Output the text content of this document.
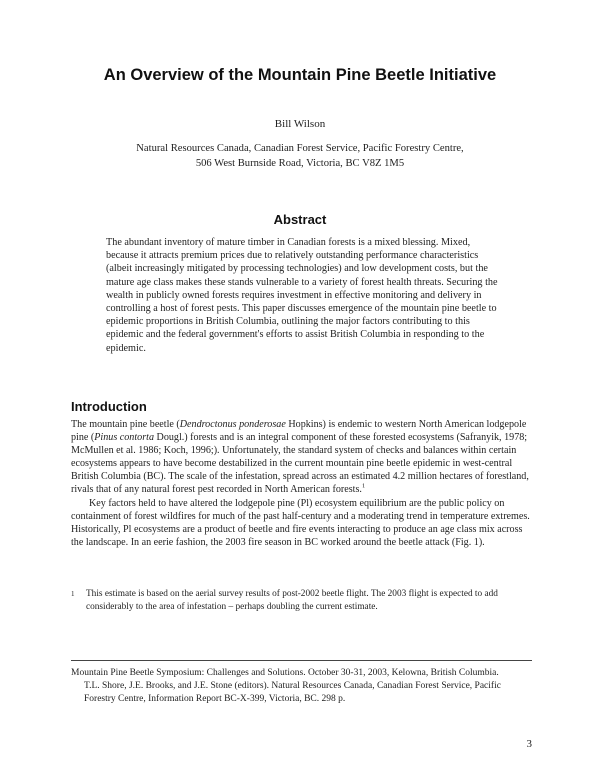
An Overview of the Mountain Pine Beetle Initiative
Bill Wilson
Natural Resources Canada, Canadian Forest Service, Pacific Forestry Centre,
506 West Burnside Road, Victoria, BC V8Z 1M5
Abstract
The abundant inventory of mature timber in Canadian forests is a mixed blessing. Mixed, because it attracts premium prices due to relatively outstanding performance characteristics (albeit increasingly mitigated by processing technologies) and low development costs, but the mature age class makes these stands vulnerable to a variety of forest health threats. Securing the wealth in publicly owned forests requires investment in effective monitoring and delivery in controlling a host of forest pests. This paper discusses emergence of the mountain pine beetle to epidemic proportions in British Columbia, outlining the major factors contributing to this epidemic and the federal government's efforts to assist British Columbia in responding to the epidemic.
Introduction

The mountain pine beetle (Dendroctonus ponderosae Hopkins) is endemic to western North American lodgepole pine (Pinus contorta Dougl.) forests and is an integral component of these forested ecosystems (Safranyik, 1978; McMullen et al. 1986; Koch, 1996;). Unfortunately, the standard system of checks and balances within certain ecosystems appears to have become destabilized in the current mountain pine beetle epidemic in west-central British Columbia (BC). The scale of the infestation, spread across an estimated 4.2 million hectares of forestland, rivals that of any natural forest pest recorded in North American forests.$^1$

Key factors held to have altered the lodgepole pine (Pl) ecosystem equilibrium are the public policy on containment of forest wildfires for much of the past half-century and a moderating trend in temperature extremes. Historically, Pl ecosystems are a product of beetle and fire events interacting to produce an age class mix across the landscape. In an eerie fashion, the 2003 fire season in BC worked around the beetle attack (Fig. 1).

1	This estimate is based on the aerial survey results of post-2002 beetle flight. The 2003 flight is expected to add considerably to the area of infestation – perhaps doubling the current estimate.
Mountain Pine Beetle Symposium: Challenges and Solutions. October 30-31, 2003, Kelowna, British Columbia.
T.L. Shore, J.E. Brooks, and J.E. Stone (editors). Natural Resources Canada, Canadian Forest Service, Pacific Forestry Centre, Information Report BC-X-399, Victoria, BC. 298 p.
3
